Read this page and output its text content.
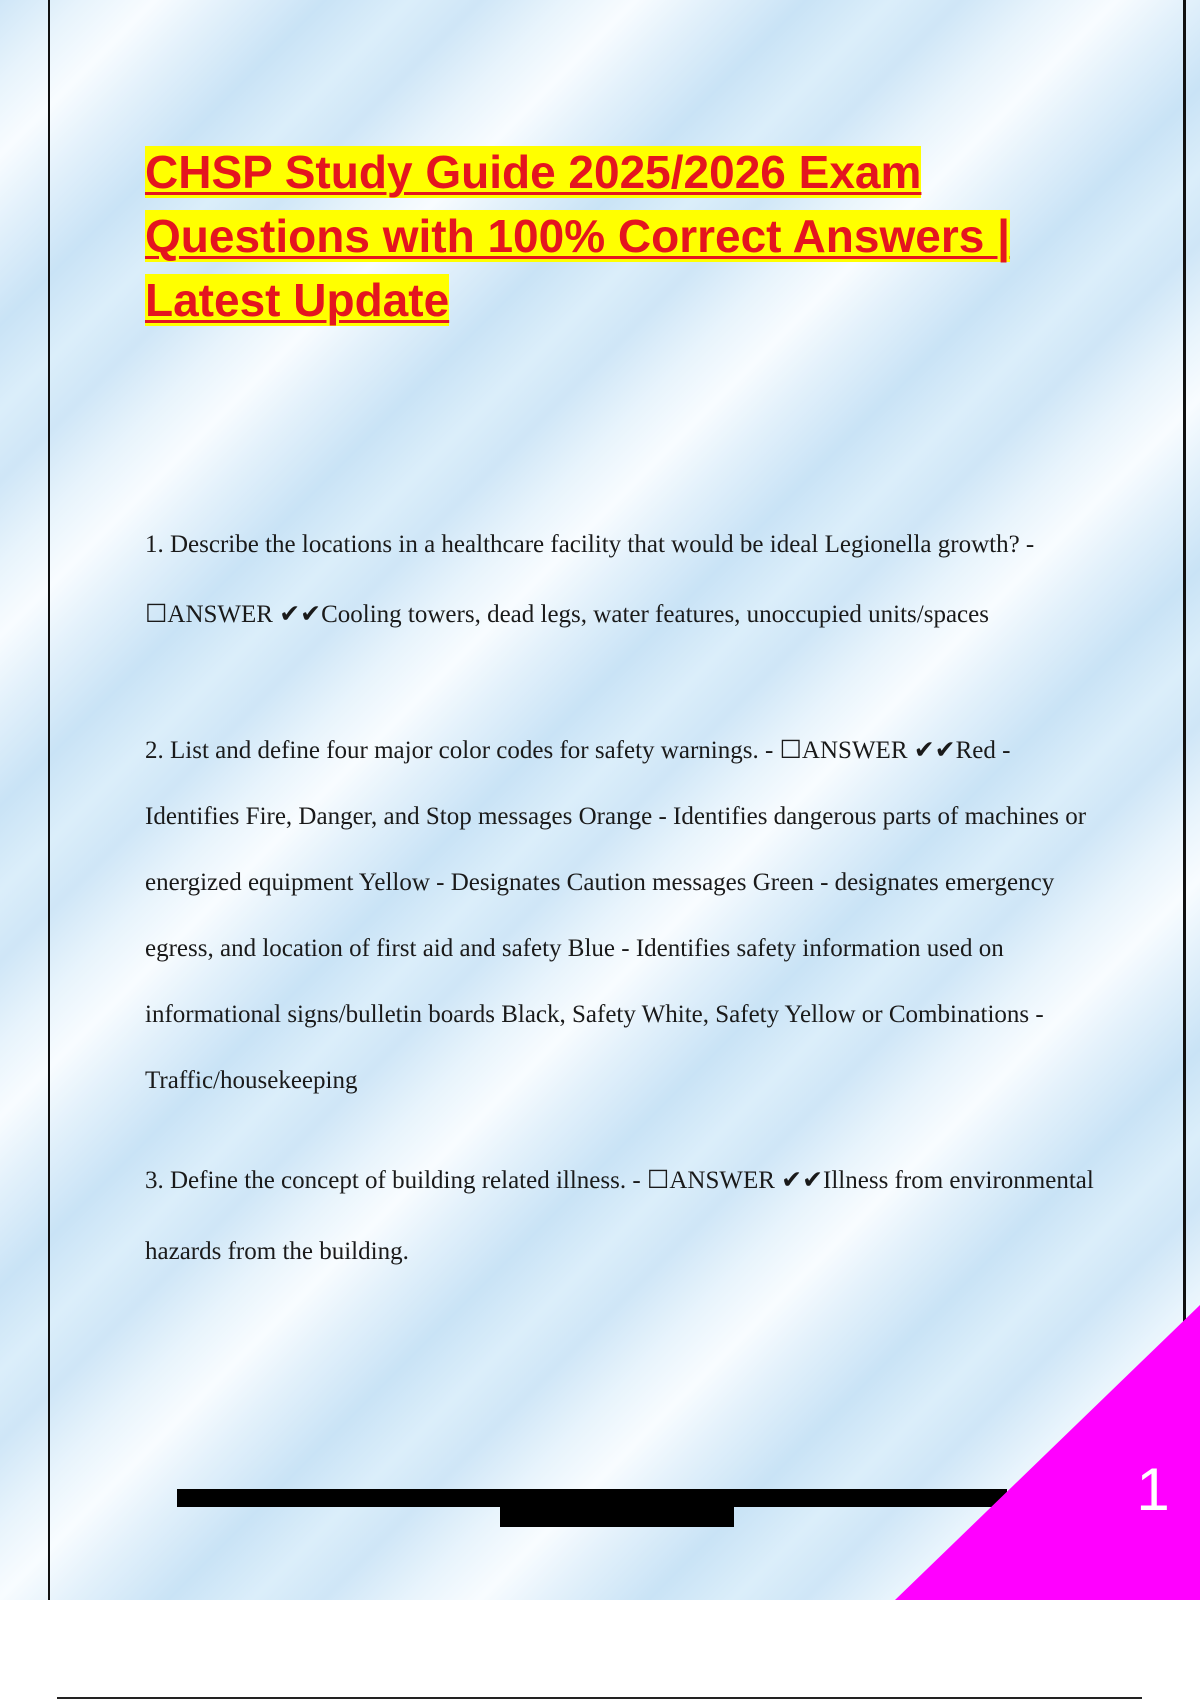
CHSP Study Guide 2025/2026 Exam Questions with 100% Correct Answers | Latest Update

1. Describe the locations in a healthcare facility that would be ideal Legionella growth? - ☐ANSWER ✔✔Cooling towers, dead legs, water features, unoccupied units/spaces

2. List and define four major color codes for safety warnings. - ☐ANSWER ✔✔Red - Identifies Fire, Danger, and Stop messages Orange - Identifies dangerous parts of machines or energized equipment Yellow - Designates Caution messages Green - designates emergency egress, and location of first aid and safety Blue - Identifies safety information used on informational signs/bulletin boards Black, Safety White, Safety Yellow or Combinations - Traffic/housekeeping

3. Define the concept of building related illness. - ☐ANSWER ✔✔Illness from environmental hazards from the building.

1
